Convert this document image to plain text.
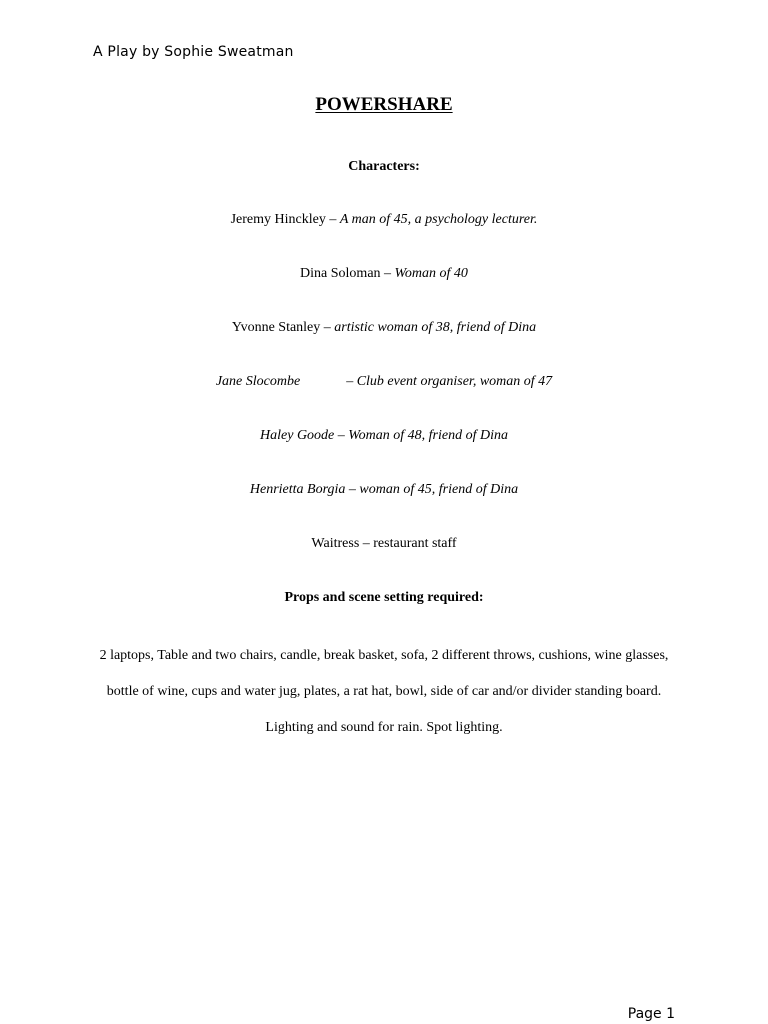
A Play by Sophie Sweatman
POWERSHARE
Characters:
Jeremy Hinckley – A man of 45, a psychology lecturer.
Dina Soloman – Woman of 40
Yvonne Stanley – artistic woman of 38, friend of Dina
Jane Slocombe	– Club event organiser, woman of 47
Haley Goode – Woman of 48, friend of Dina
Henrietta Borgia – woman of 45, friend of Dina
Waitress – restaurant staff
Props and scene setting required:
2 laptops, Table and two chairs, candle, break basket, sofa, 2 different throws, cushions, wine glasses, bottle of wine, cups and water jug, plates, a rat hat, bowl, side of car and/or divider standing board. Lighting and sound for rain. Spot lighting.
Page 1
